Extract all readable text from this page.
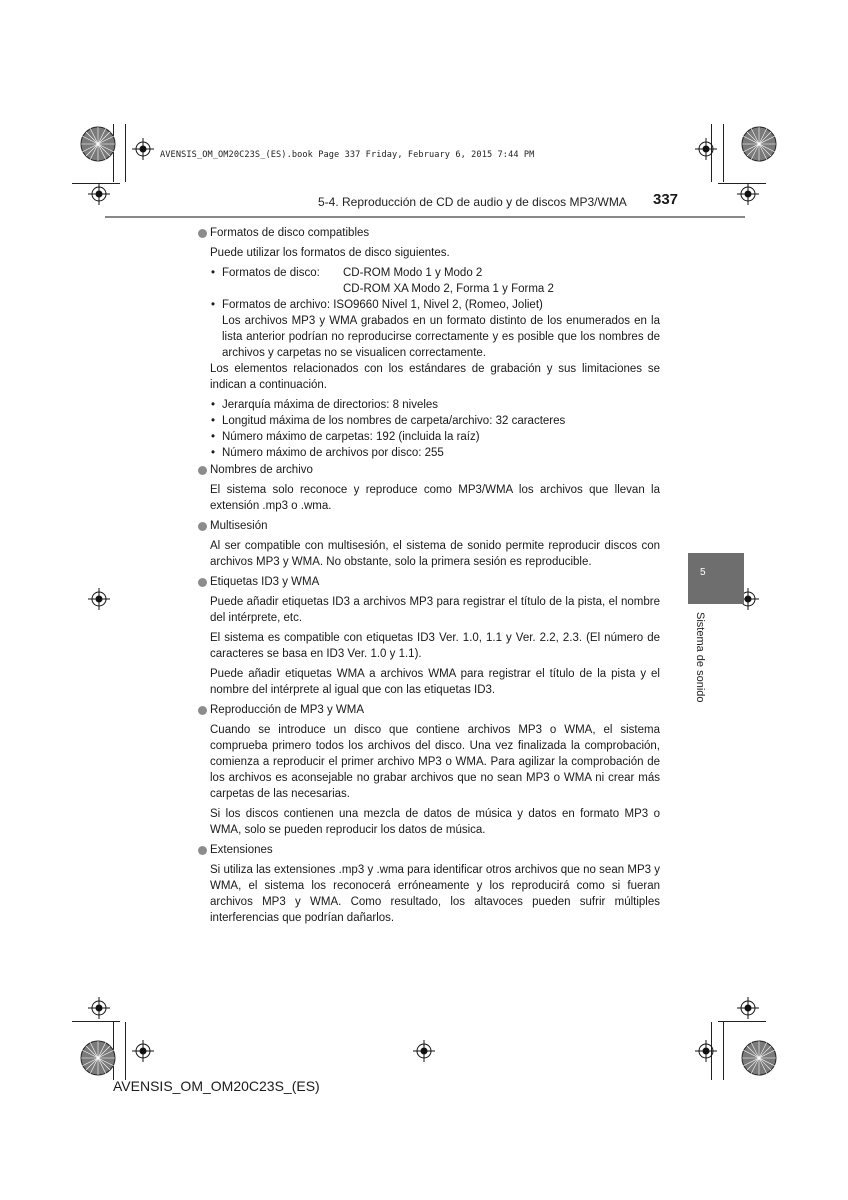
AVENSIS_OM_OM20C23S_(ES).book Page 337 Friday, February 6, 2015 7:44 PM
5-4. Reproducción de CD de audio y de discos MP3/WMA 337
5
Sistema de sonido
Formatos de disco compatibles
Puede utilizar los formatos de disco siguientes.
• Formatos de disco:	CD-ROM Modo 1 y Modo 2
CD-ROM XA Modo 2, Forma 1 y Forma 2
• Formatos de archivo: ISO9660 Nivel 1, Nivel 2, (Romeo, Joliet)
Los archivos MP3 y WMA grabados en un formato distinto de los enumerados en la lista anterior podrían no reproducirse correctamente y es posible que los nombres de archivos y carpetas no se visualicen correctamente.
Los elementos relacionados con los estándares de grabación y sus limitaciones se indican a continuación.
• Jerarquía máxima de directorios: 8 niveles
• Longitud máxima de los nombres de carpeta/archivo: 32 caracteres
• Número máximo de carpetas: 192 (incluida la raíz)
• Número máximo de archivos por disco: 255
Nombres de archivo
El sistema solo reconoce y reproduce como MP3/WMA los archivos que llevan la extensión .mp3 o .wma.
Multisesión
Al ser compatible con multisesión, el sistema de sonido permite reproducir discos con archivos MP3 y WMA. No obstante, solo la primera sesión es reproducible.
Etiquetas ID3 y WMA
Puede añadir etiquetas ID3 a archivos MP3 para registrar el título de la pista, el nombre del intérprete, etc.
El sistema es compatible con etiquetas ID3 Ver. 1.0, 1.1 y Ver. 2.2, 2.3. (El número de caracteres se basa en ID3 Ver. 1.0 y 1.1).
Puede añadir etiquetas WMA a archivos WMA para registrar el título de la pista y el nombre del intérprete al igual que con las etiquetas ID3.
Reproducción de MP3 y WMA
Cuando se introduce un disco que contiene archivos MP3 o WMA, el sistema comprueba primero todos los archivos del disco. Una vez finalizada la comprobación, comienza a reproducir el primer archivo MP3 o WMA. Para agilizar la comprobación de los archivos es aconsejable no grabar archivos que no sean MP3 o WMA ni crear más carpetas de las necesarias.
Si los discos contienen una mezcla de datos de música y datos en formato MP3 o WMA, solo se pueden reproducir los datos de música.
Extensiones
Si utiliza las extensiones .mp3 y .wma para identificar otros archivos que no sean MP3 y WMA, el sistema los reconocerá erróneamente y los reproducirá como si fueran archivos MP3 y WMA. Como resultado, los altavoces pueden sufrir múltiples interferencias que podrían dañarlos.
AVENSIS_OM_OM20C23S_(ES)
